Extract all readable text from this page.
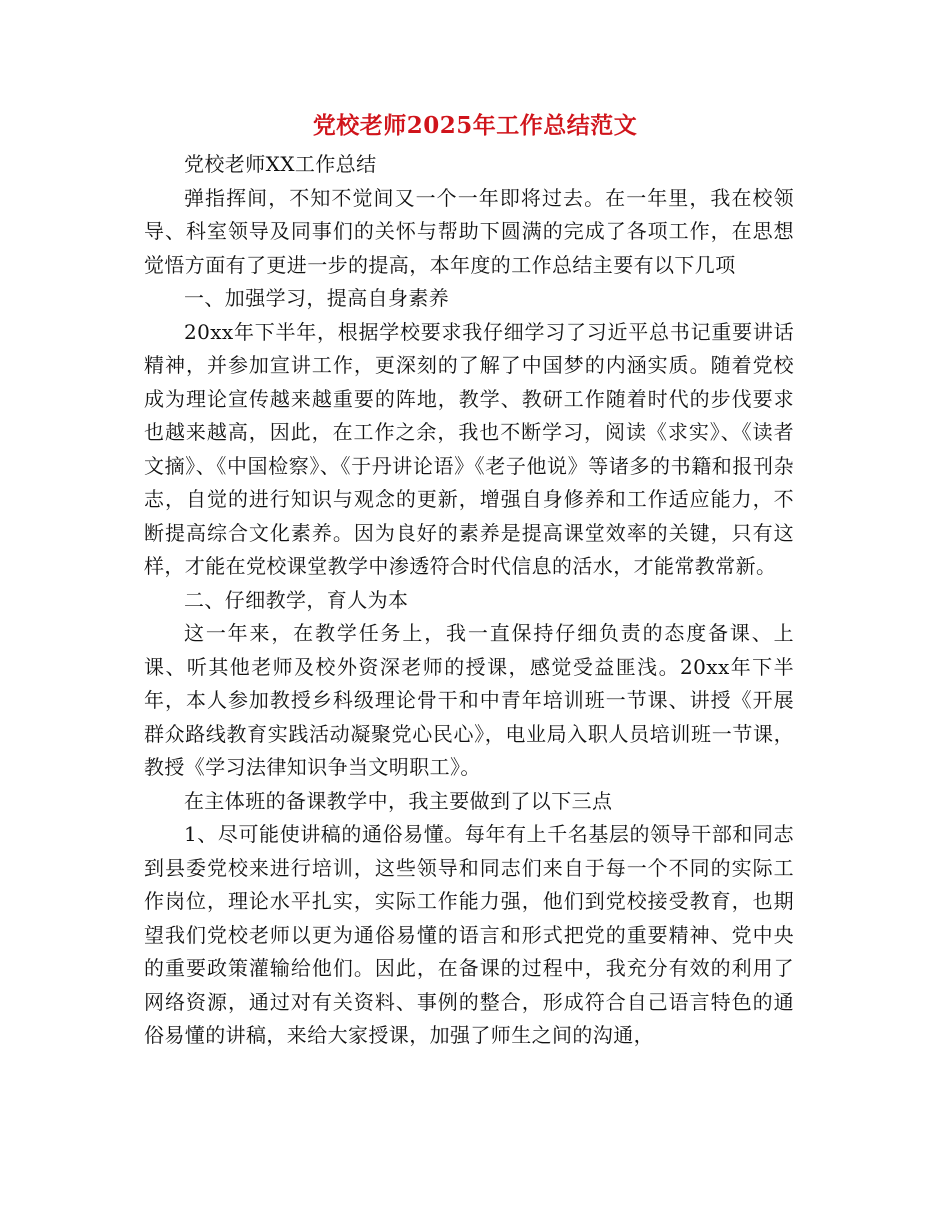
党校老师2025年工作总结范文

党校老师XX工作总结

弹指挥间，不知不觉间又一个一年即将过去。在一年里，我在校领导、科室领导及同事们的关怀与帮助下圆满的完成了各项工作，在思想觉悟方面有了更进一步的提高，本年度的工作总结主要有以下几项

一、加强学习，提高自身素养

20xx年下半年，根据学校要求我仔细学习了习近平总书记重要讲话精神，并参加宣讲工作，更深刻的了解了中国梦的内涵实质。随着党校成为理论宣传越来越重要的阵地，教学、教研工作随着时代的步伐要求也越来越高，因此，在工作之余，我也不断学习，阅读《求实》、《读者文摘》、《中国检察》、《于丹讲论语》《老子他说》等诸多的书籍和报刊杂志，自觉的进行知识与观念的更新，增强自身修养和工作适应能力，不断提高综合文化素养。因为良好的素养是提高课堂效率的关键，只有这样，才能在党校课堂教学中渗透符合时代信息的活水，才能常教常新。

二、仔细教学，育人为本

这一年来，在教学任务上，我一直保持仔细负责的态度备课、上课、听其他老师及校外资深老师的授课，感觉受益匪浅。20xx年下半年，本人参加教授乡科级理论骨干和中青年培训班一节课、讲授《开展群众路线教育实践活动凝聚党心民心》，电业局入职人员培训班一节课，教授《学习法律知识争当文明职工》。

在主体班的备课教学中，我主要做到了以下三点

1、尽可能使讲稿的通俗易懂。每年有上千名基层的领导干部和同志到县委党校来进行培训，这些领导和同志们来自于每一个不同的实际工作岗位，理论水平扎实，实际工作能力强，他们到党校接受教育，也期望我们党校老师以更为通俗易懂的语言和形式把党的重要精神、党中央的重要政策灌输给他们。因此，在备课的过程中，我充分有效的利用了网络资源，通过对有关资料、事例的整合，形成符合自己语言特色的通俗易懂的讲稿，来给大家授课，加强了师生之间的沟通，
